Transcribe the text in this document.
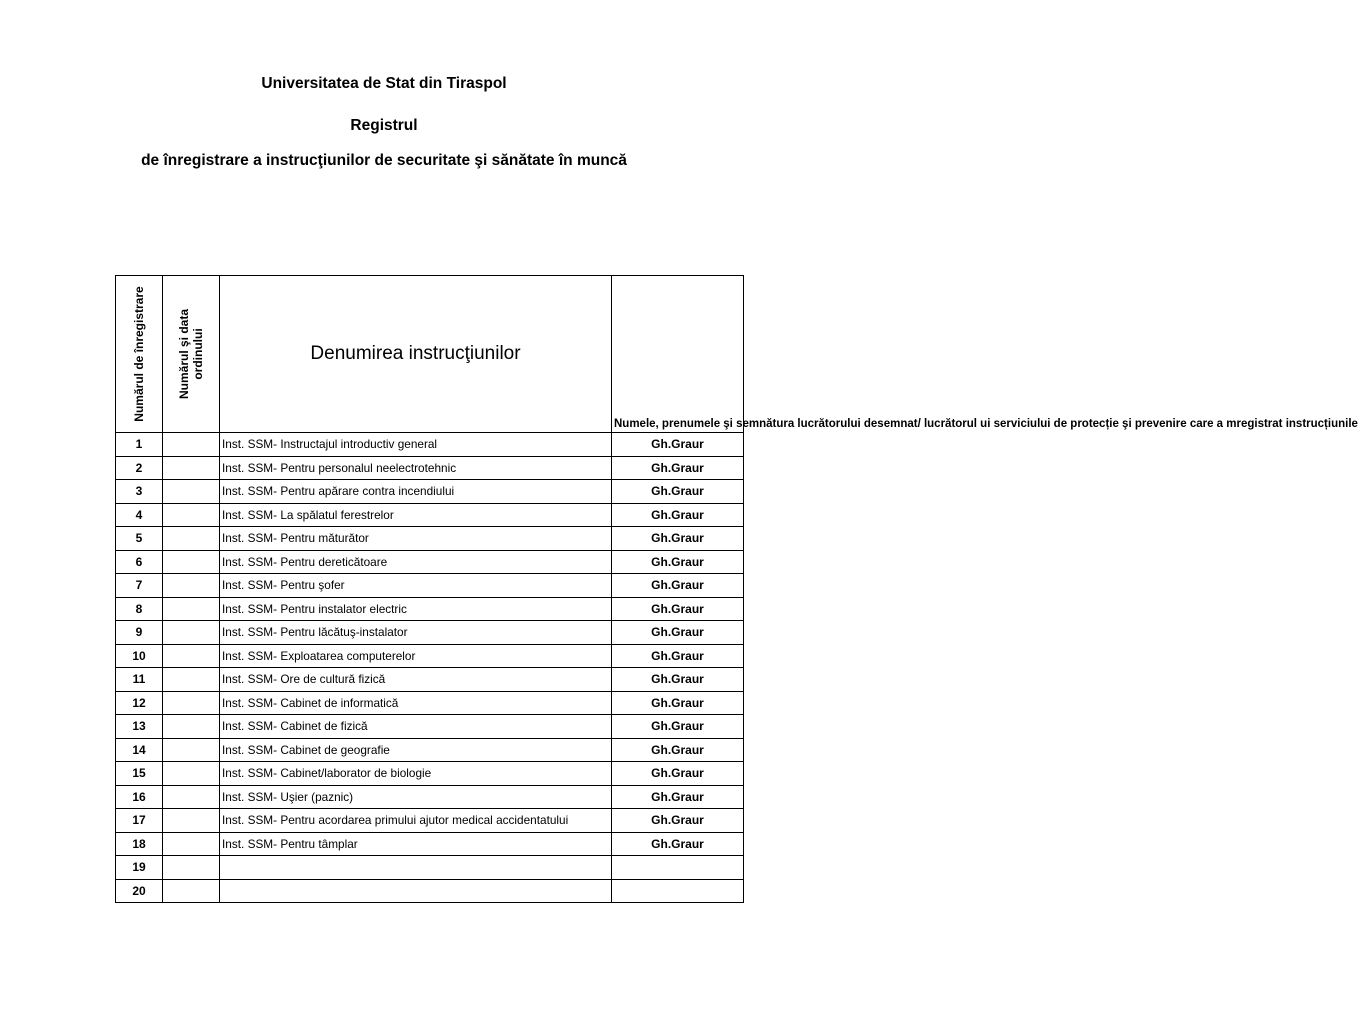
Universitatea de Stat din Tiraspol
Registrul
de înregistrare a instrucţiunilor de securitate şi sănătate în muncă
Numărul de înregistrare	Numărul şi data ordinului	Denumirea instrucţiunilor	Numele, prenumele şi semnătura lucrătorului desemnat/ lucrătorul ui serviciului de protecție şi prevenire care a mregistrat instrucțiunile
1		Inst. SSM- Instructajul introductiv general	Gh.Graur
2		Inst. SSM- Pentru personalul neelectrotehnic	Gh.Graur
3		Inst. SSM- Pentru apărare contra incendiului	Gh.Graur
4		Inst. SSM- La spălatul ferestrelor	Gh.Graur
5		Inst. SSM- Pentru măturător	Gh.Graur
6		Inst. SSM- Pentru dereticătoare	Gh.Graur
7		Inst. SSM- Pentru şofer	Gh.Graur
8		Inst. SSM- Pentru instalator electric	Gh.Graur
9		Inst. SSM- Pentru lăcătuş-instalator	Gh.Graur
10		Inst. SSM- Exploatarea computerelor	Gh.Graur
11		Inst. SSM- Ore de cultură fizică	Gh.Graur
12		Inst. SSM- Cabinet de informatică	Gh.Graur
13		Inst. SSM- Cabinet de fizică	Gh.Graur
14		Inst. SSM- Cabinet de geografie	Gh.Graur
15		Inst. SSM- Cabinet/laborator de biologie	Gh.Graur
16		Inst. SSM- Uşier (paznic)	Gh.Graur
17		Inst. SSM- Pentru acordarea primului ajutor medical accidentatului	Gh.Graur
18		Inst. SSM- Pentru tâmplar	Gh.Graur
19			
20			
